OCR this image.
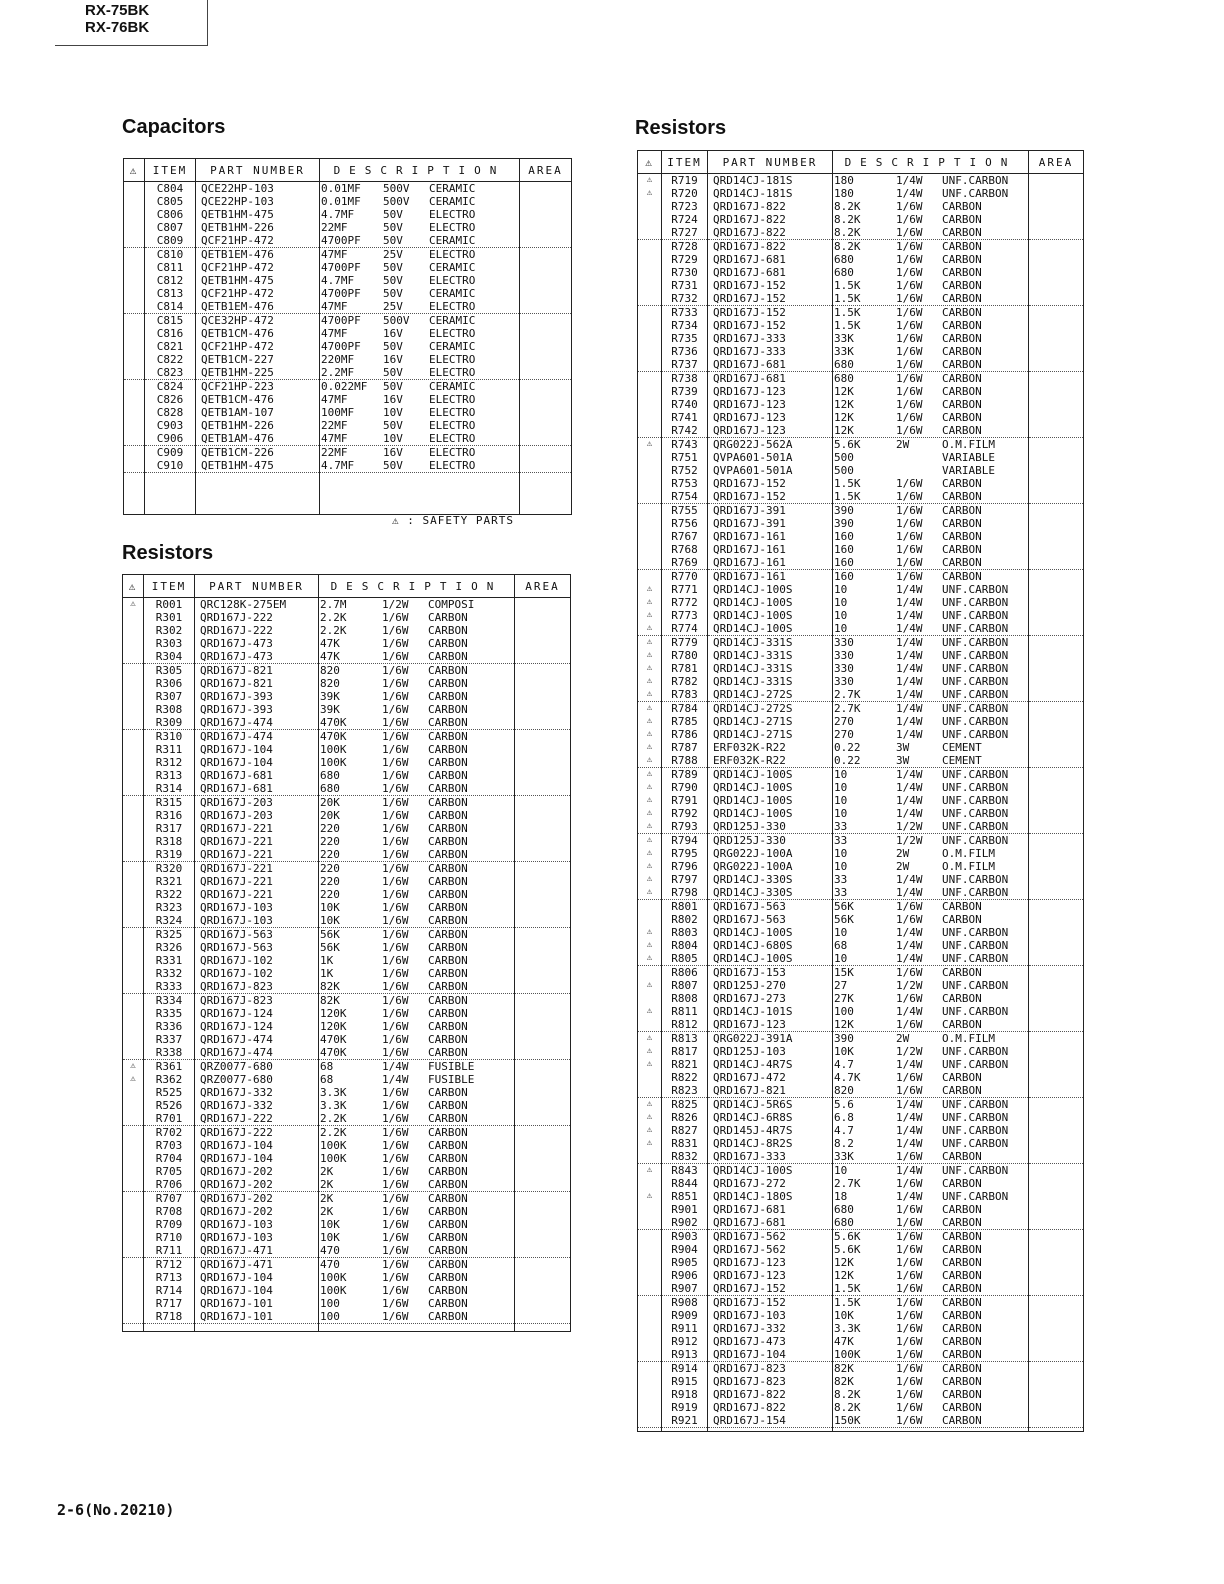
RX-75BK
RX-76BK
Capacitors
⚠	ITEM	PART NUMBER	DESCRIPTION	AREA
	C804	QCE22HP-103	0.01MF 500V CERAMIC	
	C805	QCE22HP-103	0.01MF 500V CERAMIC	
	C806	QETB1HM-475	4.7MF 50V ELECTRO	
	C807	QETB1HM-226	22MF 50V ELECTRO	
	C809	QCF21HP-472	4700PF 50V CERAMIC	
	C810	QETB1EM-476	47MF 25V ELECTRO	
	C811	QCF21HP-472	4700PF 50V CERAMIC	
	C812	QETB1HM-475	4.7MF 50V ELECTRO	
	C813	QCF21HP-472	4700PF 50V CERAMIC	
	C814	QETB1EM-476	47MF 25V ELECTRO	
	C815	QCE32HP-472	4700PF 500V CERAMIC	
	C816	QETB1CM-476	47MF 16V ELECTRO	
	C821	QCF21HP-472	4700PF 50V CERAMIC	
	C822	QETB1CM-227	220MF 16V ELECTRO	
	C823	QETB1HM-225	2.2MF 50V ELECTRO	
	C824	QCF21HP-223	0.022MF 50V CERAMIC	
	C826	QETB1CM-476	47MF 16V ELECTRO	
	C828	QETB1AM-107	100MF 10V ELECTRO	
	C903	QETB1HM-226	22MF 50V ELECTRO	
	C906	QETB1AM-476	47MF 10V ELECTRO	
	C909	QETB1CM-226	22MF 16V ELECTRO	
	C910	QETB1HM-475	4.7MF 50V ELECTRO	

⚠ : SAFETY PARTS
Resistors
⚠	ITEM	PART NUMBER	DESCRIPTION	AREA
⚠	R001	QRC128K-275EM	2.7M 1/2W COMPOSI	
	R301	QRD167J-222	2.2K 1/6W CARBON	
	R302	QRD167J-222	2.2K 1/6W CARBON	
	R303	QRD167J-473	47K 1/6W CARBON	
	R304	QRD167J-473	47K 1/6W CARBON	
	R305	QRD167J-821	820 1/6W CARBON	
	R306	QRD167J-821	820 1/6W CARBON	
	R307	QRD167J-393	39K 1/6W CARBON	
	R308	QRD167J-393	39K 1/6W CARBON	
	R309	QRD167J-474	470K 1/6W CARBON	
	R310	QRD167J-474	470K 1/6W CARBON	
	R311	QRD167J-104	100K 1/6W CARBON	
	R312	QRD167J-104	100K 1/6W CARBON	
	R313	QRD167J-681	680 1/6W CARBON	
	R314	QRD167J-681	680 1/6W CARBON	
	R315	QRD167J-203	20K 1/6W CARBON	
	R316	QRD167J-203	20K 1/6W CARBON	
	R317	QRD167J-221	220 1/6W CARBON	
	R318	QRD167J-221	220 1/6W CARBON	
	R319	QRD167J-221	220 1/6W CARBON	
	R320	QRD167J-221	220 1/6W CARBON	
	R321	QRD167J-221	220 1/6W CARBON	
	R322	QRD167J-221	220 1/6W CARBON	
	R323	QRD167J-103	10K 1/6W CARBON	
	R324	QRD167J-103	10K 1/6W CARBON	
	R325	QRD167J-563	56K 1/6W CARBON	
	R326	QRD167J-563	56K 1/6W CARBON	
	R331	QRD167J-102	1K 1/6W CARBON	
	R332	QRD167J-102	1K 1/6W CARBON	
	R333	QRD167J-823	82K 1/6W CARBON	
	R334	QRD167J-823	82K 1/6W CARBON	
	R335	QRD167J-124	120K 1/6W CARBON	
	R336	QRD167J-124	120K 1/6W CARBON	
	R337	QRD167J-474	470K 1/6W CARBON	
	R338	QRD167J-474	470K 1/6W CARBON	
⚠	R361	QRZ0077-680	68 1/4W FUSIBLE	
⚠	R362	QRZ0077-680	68 1/4W FUSIBLE	
	R525	QRD167J-332	3.3K 1/6W CARBON	
	R526	QRD167J-332	3.3K 1/6W CARBON	
	R701	QRD167J-222	2.2K 1/6W CARBON	
	R702	QRD167J-222	2.2K 1/6W CARBON	
	R703	QRD167J-104	100K 1/6W CARBON	
	R704	QRD167J-104	100K 1/6W CARBON	
	R705	QRD167J-202	2K 1/6W CARBON	
	R706	QRD167J-202	2K 1/6W CARBON	
	R707	QRD167J-202	2K 1/6W CARBON	
	R708	QRD167J-202	2K 1/6W CARBON	
	R709	QRD167J-103	10K 1/6W CARBON	
	R710	QRD167J-103	10K 1/6W CARBON	
	R711	QRD167J-471	470 1/6W CARBON	
	R712	QRD167J-471	470 1/6W CARBON	
	R713	QRD167J-104	100K 1/6W CARBON	
	R714	QRD167J-104	100K 1/6W CARBON	
	R717	QRD167J-101	100 1/6W CARBON	
	R718	QRD167J-101	100 1/6W CARBON	

Resistors
⚠	ITEM	PART NUMBER	DESCRIPTION	AREA
⚠	R719	QRD14CJ-181S	180 1/4W UNF.CARBON	
⚠	R720	QRD14CJ-181S	180 1/4W UNF.CARBON	
	R723	QRD167J-822	8.2K 1/6W CARBON	
	R724	QRD167J-822	8.2K 1/6W CARBON	
	R727	QRD167J-822	8.2K 1/6W CARBON	
	R728	QRD167J-822	8.2K 1/6W CARBON	
	R729	QRD167J-681	680 1/6W CARBON	
	R730	QRD167J-681	680 1/6W CARBON	
	R731	QRD167J-152	1.5K 1/6W CARBON	
	R732	QRD167J-152	1.5K 1/6W CARBON	
	R733	QRD167J-152	1.5K 1/6W CARBON	
	R734	QRD167J-152	1.5K 1/6W CARBON	
	R735	QRD167J-333	33K 1/6W CARBON	
	R736	QRD167J-333	33K 1/6W CARBON	
	R737	QRD167J-681	680 1/6W CARBON	
	R738	QRD167J-681	680 1/6W CARBON	
	R739	QRD167J-123	12K 1/6W CARBON	
	R740	QRD167J-123	12K 1/6W CARBON	
	R741	QRD167J-123	12K 1/6W CARBON	
	R742	QRD167J-123	12K 1/6W CARBON	
⚠	R743	QRG022J-562A	5.6K 2W O.M.FILM	
	R751	QVPA601-501A	500 VARIABLE	
	R752	QVPA601-501A	500 VARIABLE	
	R753	QRD167J-152	1.5K 1/6W CARBON	
	R754	QRD167J-152	1.5K 1/6W CARBON	
	R755	QRD167J-391	390 1/6W CARBON	
	R756	QRD167J-391	390 1/6W CARBON	
	R767	QRD167J-161	160 1/6W CARBON	
	R768	QRD167J-161	160 1/6W CARBON	
	R769	QRD167J-161	160 1/6W CARBON	
	R770	QRD167J-161	160 1/6W CARBON	
⚠	R771	QRD14CJ-100S	10 1/4W UNF.CARBON	
⚠	R772	QRD14CJ-100S	10 1/4W UNF.CARBON	
⚠	R773	QRD14CJ-100S	10 1/4W UNF.CARBON	
⚠	R774	QRD14CJ-100S	10 1/4W UNF.CARBON	
⚠	R779	QRD14CJ-331S	330 1/4W UNF.CARBON	
⚠	R780	QRD14CJ-331S	330 1/4W UNF.CARBON	
⚠	R781	QRD14CJ-331S	330 1/4W UNF.CARBON	
⚠	R782	QRD14CJ-331S	330 1/4W UNF.CARBON	
⚠	R783	QRD14CJ-272S	2.7K 1/4W UNF.CARBON	
⚠	R784	QRD14CJ-272S	2.7K 1/4W UNF.CARBON	
⚠	R785	QRD14CJ-271S	270 1/4W UNF.CARBON	
⚠	R786	QRD14CJ-271S	270 1/4W UNF.CARBON	
⚠	R787	ERF032K-R22	0.22 3W CEMENT	
⚠	R788	ERF032K-R22	0.22 3W CEMENT	
⚠	R789	QRD14CJ-100S	10 1/4W UNF.CARBON	
⚠	R790	QRD14CJ-100S	10 1/4W UNF.CARBON	
⚠	R791	QRD14CJ-100S	10 1/4W UNF.CARBON	
⚠	R792	QRD14CJ-100S	10 1/4W UNF.CARBON	
⚠	R793	QRD125J-330	33 1/2W UNF.CARBON	
⚠	R794	QRD125J-330	33 1/2W UNF.CARBON	
⚠	R795	QRG022J-100A	10 2W O.M.FILM	
⚠	R796	QRG022J-100A	10 2W O.M.FILM	
⚠	R797	QRD14CJ-330S	33 1/4W UNF.CARBON	
⚠	R798	QRD14CJ-330S	33 1/4W UNF.CARBON	
	R801	QRD167J-563	56K 1/6W CARBON	
	R802	QRD167J-563	56K 1/6W CARBON	
⚠	R803	QRD14CJ-100S	10 1/4W UNF.CARBON	
⚠	R804	QRD14CJ-680S	68 1/4W UNF.CARBON	
⚠	R805	QRD14CJ-100S	10 1/4W UNF.CARBON	
	R806	QRD167J-153	15K 1/6W CARBON	
⚠	R807	QRD125J-270	27 1/2W UNF.CARBON	
	R808	QRD167J-273	27K 1/6W CARBON	
⚠	R811	QRD14CJ-101S	100 1/4W UNF.CARBON	
	R812	QRD167J-123	12K 1/6W CARBON	
⚠	R813	QRG022J-391A	390 2W O.M.FILM	
⚠	R817	QRD125J-103	10K 1/2W UNF.CARBON	
⚠	R821	QRD14CJ-4R7S	4.7 1/4W UNF.CARBON	
	R822	QRD167J-472	4.7K 1/6W CARBON	
	R823	QRD167J-821	820 1/6W CARBON	
⚠	R825	QRD14CJ-5R6S	5.6 1/4W UNF.CARBON	
⚠	R826	QRD14CJ-6R8S	6.8 1/4W UNF.CARBON	
⚠	R827	QRD145J-4R7S	4.7 1/4W UNF.CARBON	
⚠	R831	QRD14CJ-8R2S	8.2 1/4W UNF.CARBON	
	R832	QRD167J-333	33K 1/6W CARBON	
⚠	R843	QRD14CJ-100S	10 1/4W UNF.CARBON	
	R844	QRD167J-272	2.7K 1/6W CARBON	
⚠	R851	QRD14CJ-180S	18 1/4W UNF.CARBON	
	R901	QRD167J-681	680 1/6W CARBON	
	R902	QRD167J-681	680 1/6W CARBON	
	R903	QRD167J-562	5.6K 1/6W CARBON	
	R904	QRD167J-562	5.6K 1/6W CARBON	
	R905	QRD167J-123	12K 1/6W CARBON	
	R906	QRD167J-123	12K 1/6W CARBON	
	R907	QRD167J-152	1.5K 1/6W CARBON	
	R908	QRD167J-152	1.5K 1/6W CARBON	
	R909	QRD167J-103	10K 1/6W CARBON	
	R911	QRD167J-332	3.3K 1/6W CARBON	
	R912	QRD167J-473	47K 1/6W CARBON	
	R913	QRD167J-104	100K 1/6W CARBON	
	R914	QRD167J-823	82K 1/6W CARBON	
	R915	QRD167J-823	82K 1/6W CARBON	
	R918	QRD167J-822	8.2K 1/6W CARBON	
	R919	QRD167J-822	8.2K 1/6W CARBON	
	R921	QRD167J-154	150K 1/6W CARBON	

2-6(No.20210)
